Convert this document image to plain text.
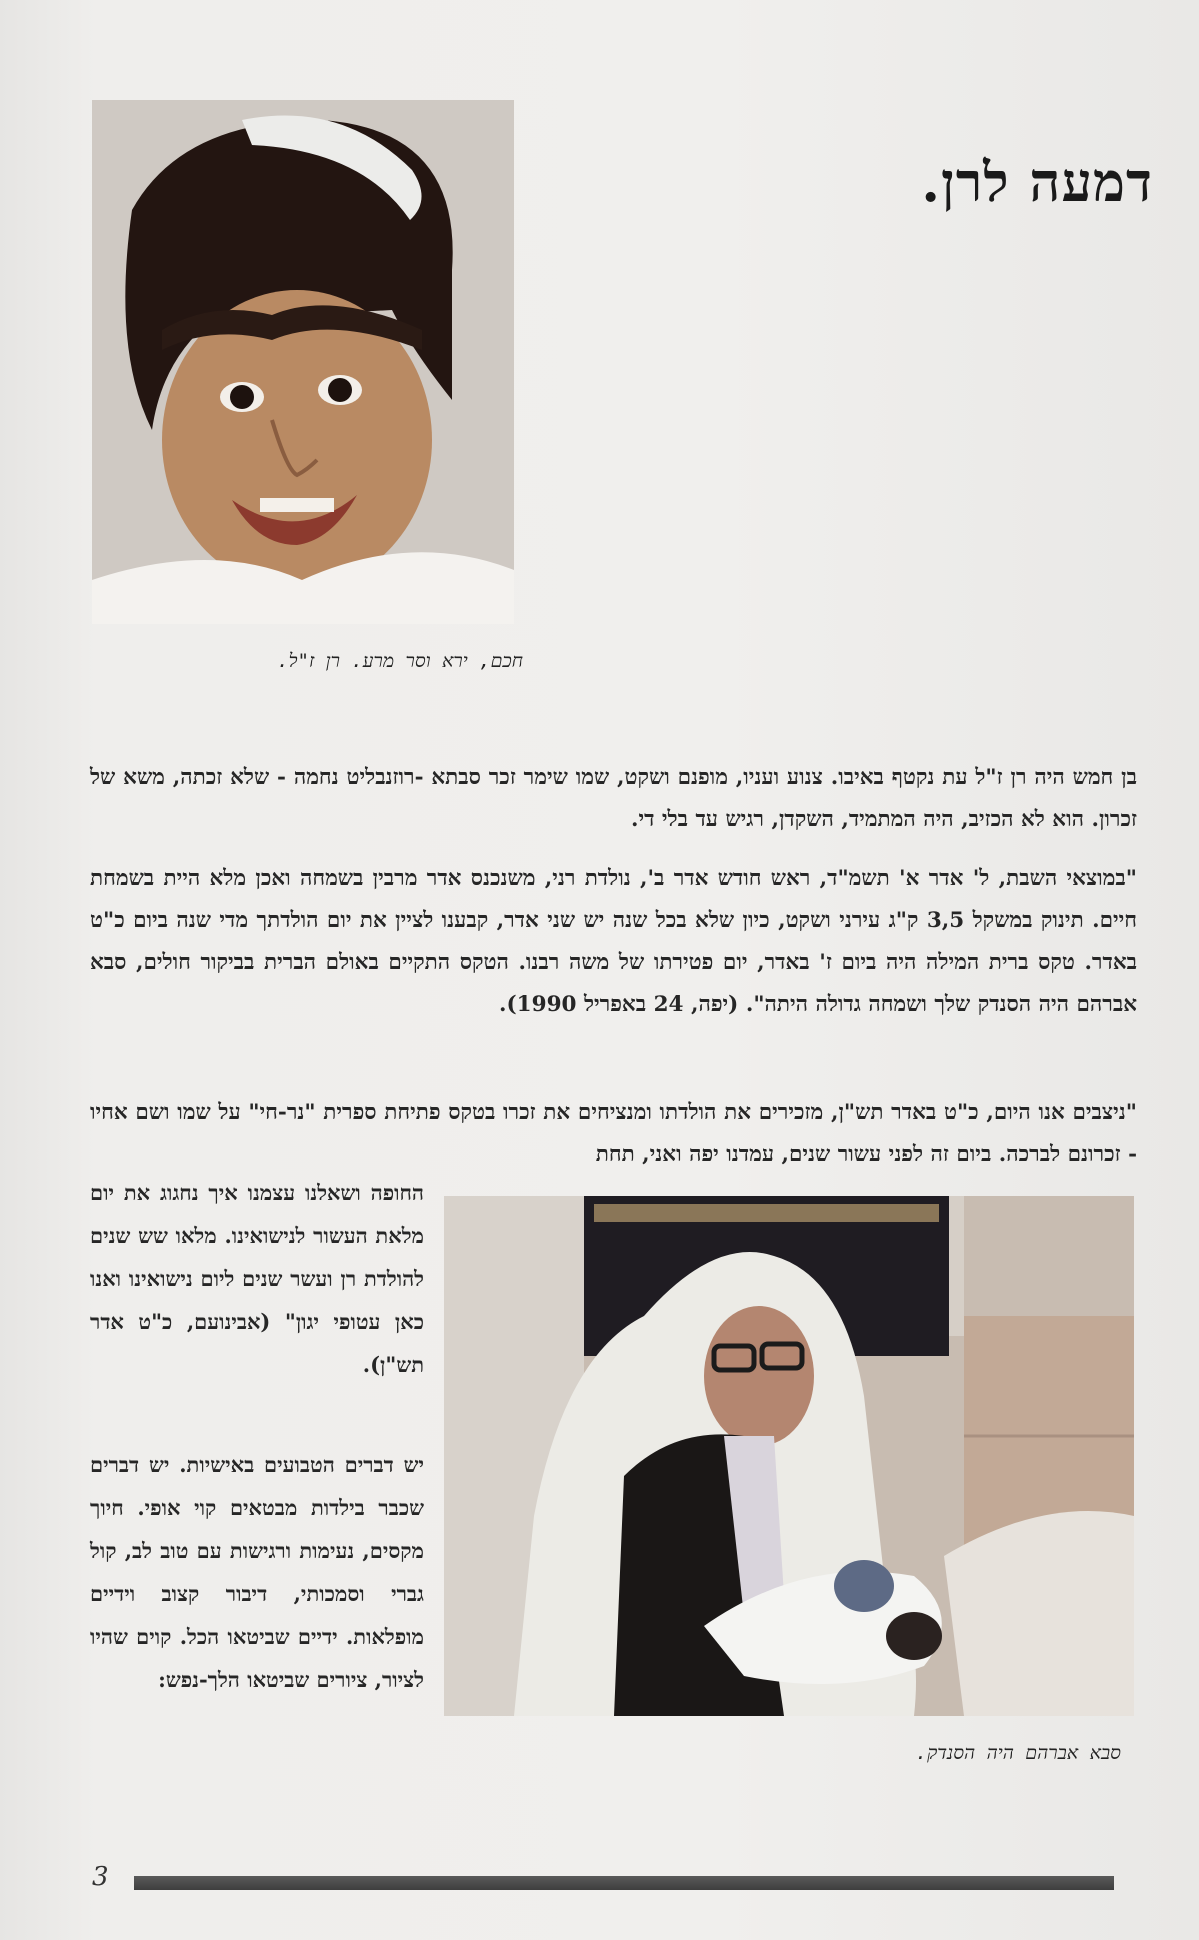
דמעה לרן.
חכם, ירא וסר מרע. רן ז"ל.

בן חמש היה רן ז"ל עת נקטף באיבו. צנוע ועניו, מופנם ושקט, שמו שימר זכר סבתא -רוזנבליט נחמה - שלא זכתה, משא של זכרון. הוא לא הכזיב, היה המתמיד, השקדן, רגיש עד בלי די.

"במוצאי השבת, ל' אדר א' תשמ"ד, ראש חודש אדר ב', נולדת רני, משנכנס אדר מרבין בשמחה ואכן מלא היית בשמחת חיים. תינוק במשקל 3,5 ק"ג עירני ושקט, כיון שלא בכל שנה יש שני אדר, קבענו לציין את יום הולדתך מדי שנה ביום כ"ט באדר. טקס ברית המילה היה ביום ז' באדר, יום פטירתו של משה רבנו. הטקס התקיים באולם הברית בביקור חולים, סבא אברהם היה הסנדק שלך ושמחה גדולה היתה". (יפה, 24 באפריל 1990).

"ניצבים אנו היום, כ"ט באדר תש"ן, מזכירים את הולדתו ומנציחים את זכרו בטקס פתיחת ספרית "נר-חי" על שמו ושם אחיו - זכרונם לברכה. ביום זה לפני עשור שנים, עמדנו יפה ואני, תחת

החופה ושאלנו עצמנו איך נחגוג את יום מלאת העשור לנישואינו. מלאו שש שנים להולדת רן ועשר שנים ליום נישואינו ואנו כאן עטופי יגון" (אבינועם, כ"ט אדר תש"ן).

יש דברים הטבועים באישיות. יש דברים שכבר בילדות מבטאים קוי אופי. חיוך מקסים, נעימות ורגישות עם טוב לב, קול גברי וסמכותי, דיבור קצוב וידיים מופלאות. ידיים שביטאו הכל. קוים שהיו לציור, ציורים שביטאו הלך-נפש:

סבא אברהם היה הסנדק.
3
